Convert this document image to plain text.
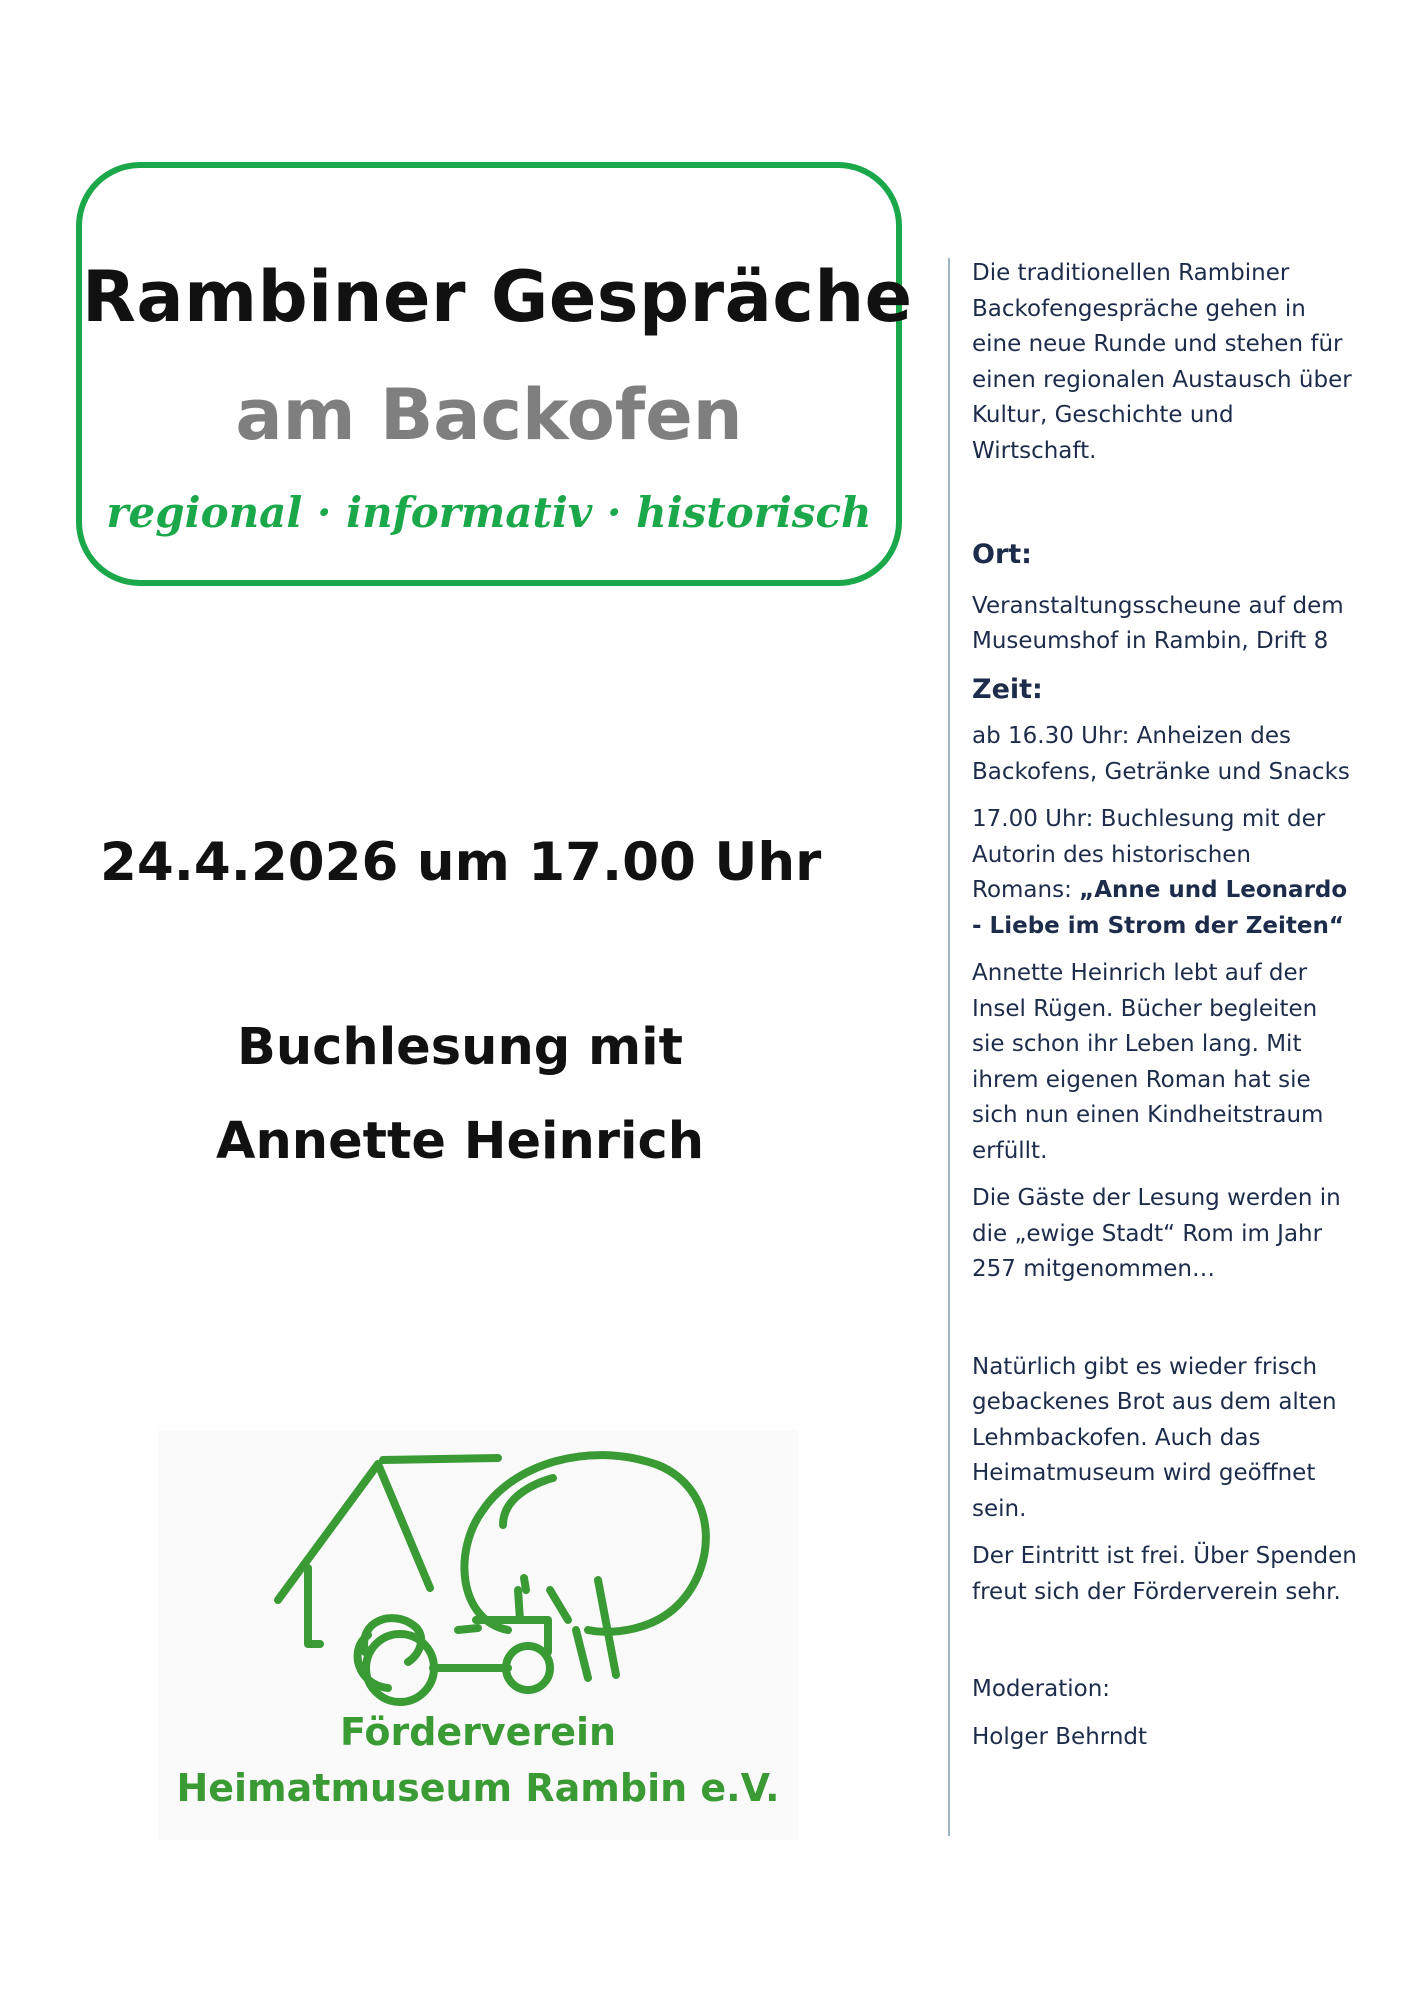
Rambiner Gespräche
am Backofen
regional · informativ · historisch
24.4.2026 um 17.00 Uhr
Buchlesung mit
Annette Heinrich
Förderverein
Heimatmuseum Rambin e.V.

Die traditionellen Rambiner Backofengespräche gehen in eine neue Runde und stehen für einen regionalen Austausch über Kultur, Geschichte und Wirtschaft.

Ort:

Veranstaltungsscheune auf dem Museumshof in Rambin, Drift 8

Zeit:

ab 16.30 Uhr: Anheizen des Backofens, Getränke und Snacks

17.00 Uhr: Buchlesung mit der Autorin des historischen Romans: „Anne und Leonardo - Liebe im Strom der Zeiten“

Annette Heinrich lebt auf der Insel Rügen. Bücher begleiten sie schon ihr Leben lang. Mit ihrem eigenen Roman hat sie sich nun einen Kindheitstraum erfüllt.

Die Gäste der Lesung werden in die „ewige Stadt“ Rom im Jahr 257 mitgenommen…

Natürlich gibt es wieder frisch gebackenes Brot aus dem alten Lehmbackofen. Auch das Heimatmuseum wird geöffnet sein.

Der Eintritt ist frei. Über Spenden freut sich der Förderverein sehr.

Moderation:

Holger Behrndt
